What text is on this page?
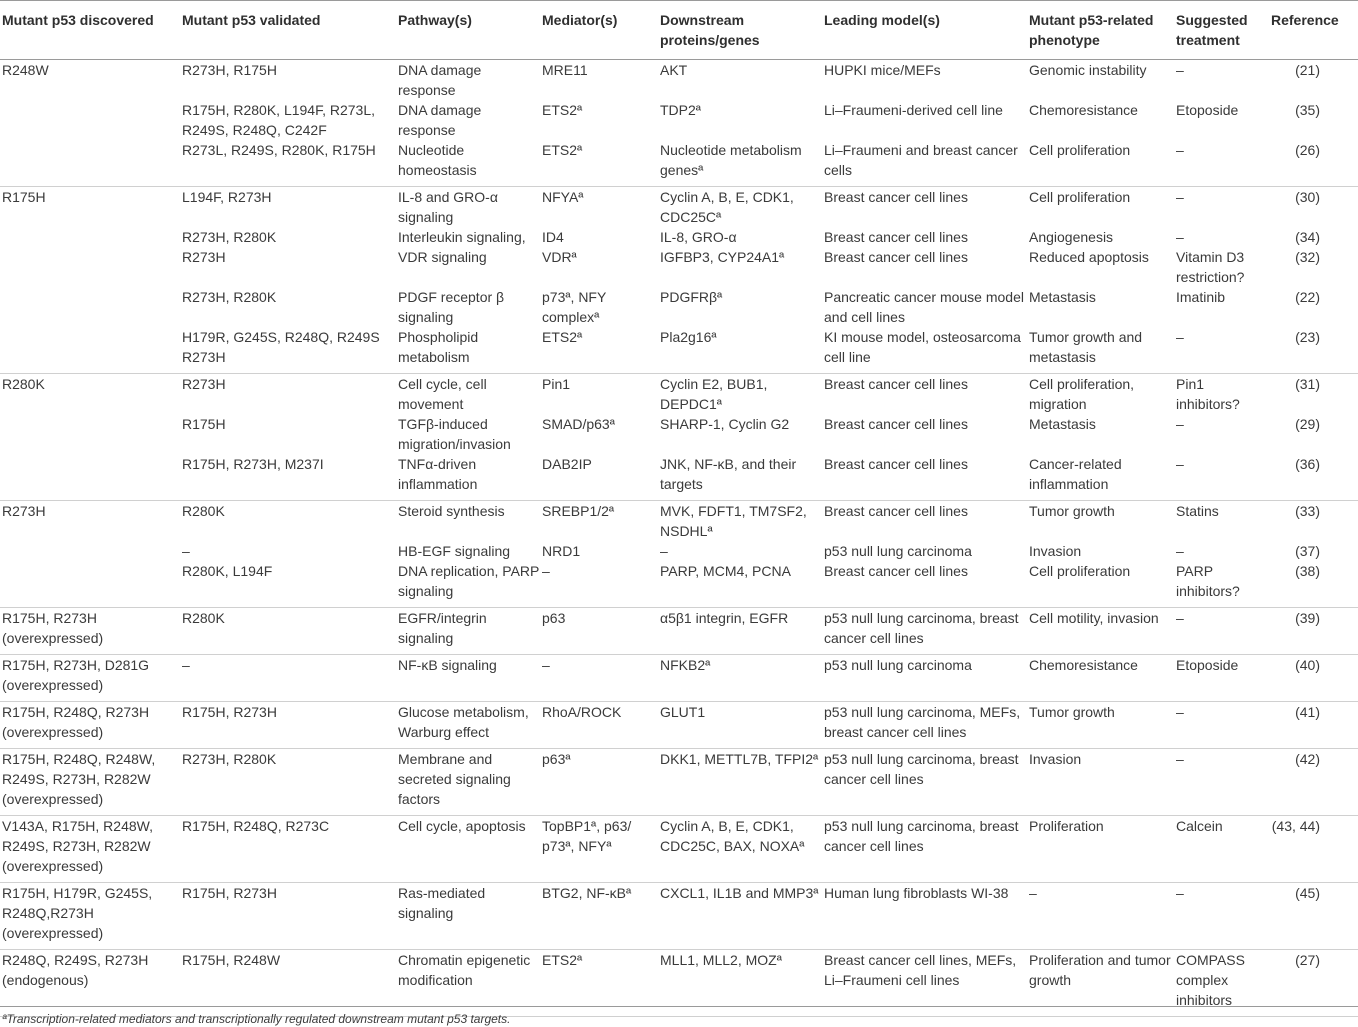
Mutant p53 discovered	Mutant p53 validated	Pathway(s)	Mediator(s)	Downstream proteins/genes	Leading model(s)	Mutant p53-related phenotype	Suggested treatment	Reference
R248W	R273H, R175H	DNA damage response	MRE11	AKT	HUPKI mice/MEFs	Genomic instability	–	(21)
	R175H, R280K, L194F, R273L, R249S, R248Q, C242F	DNA damage response	ETS2ª	TDP2ª	Li–Fraumeni-derived cell line	Chemoresistance	Etoposide	(35)
	R273L, R249S, R280K, R175H	Nucleotide homeostasis	ETS2ª	Nucleotide metabolism genesª	Li–Fraumeni and breast cancer cells	Cell proliferation	–	(26)
R175H	L194F, R273H	IL-8 and GRO-α signaling	NFYAª	Cyclin A, B, E, CDK1, CDC25Cª	Breast cancer cell lines	Cell proliferation	–	(30)
	R273H, R280K	Interleukin signaling,	ID4	IL-8, GRO-α	Breast cancer cell lines	Angiogenesis	–	(34)
	R273H	VDR signaling	VDRª	IGFBP3, CYP24A1ª	Breast cancer cell lines	Reduced apoptosis	Vitamin D3 restriction?	(32)
	R273H, R280K	PDGF receptor β signaling	p73ª, NFY complexª	PDGFRβª	Pancreatic cancer mouse model and cell lines	Metastasis	Imatinib	(22)
	H179R, G245S, R248Q, R249S R273H	Phospholipid metabolism	ETS2ª	Pla2g16ª	KI mouse model, osteosarcoma cell line	Tumor growth and metastasis	–	(23)
R280K	R273H	Cell cycle, cell movement	Pin1	Cyclin E2, BUB1, DEPDC1ª	Breast cancer cell lines	Cell proliferation, migration	Pin1 inhibitors?	(31)
	R175H	TGFβ-induced migration/invasion	SMAD/p63ª	SHARP-1, Cyclin G2	Breast cancer cell lines	Metastasis	–	(29)
	R175H, R273H, M237I	TNFα-driven inflammation	DAB2IP	JNK, NF-κB, and their targets	Breast cancer cell lines	Cancer-related inflammation	–	(36)
R273H	R280K	Steroid synthesis	SREBP1/2ª	MVK, FDFT1, TM7SF2, NSDHLª	Breast cancer cell lines	Tumor growth	Statins	(33)
	–	HB-EGF signaling	NRD1	–	p53 null lung carcinoma	Invasion	–	(37)
	R280K, L194F	DNA replication, PARP signaling	–	PARP, MCM4, PCNA	Breast cancer cell lines	Cell proliferation	PARP inhibitors?	(38)
R175H, R273H (overexpressed)	R280K	EGFR/integrin signaling	p63	α5β1 integrin, EGFR	p53 null lung carcinoma, breast cancer cell lines	Cell motility, invasion	–	(39)
R175H, R273H, D281G (overexpressed)	–	NF-κB signaling	–	NFKB2ª	p53 null lung carcinoma	Chemoresistance	Etoposide	(40)
R175H, R248Q, R273H (overexpressed)	R175H, R273H	Glucose metabolism, Warburg effect	RhoA/ROCK	GLUT1	p53 null lung carcinoma, MEFs, breast cancer cell lines	Tumor growth	–	(41)
R175H, R248Q, R248W, R249S, R273H, R282W (overexpressed)	R273H, R280K	Membrane and secreted signaling factors	p63ª	DKK1, METTL7B, TFPI2ª	p53 null lung carcinoma, breast cancer cell lines	Invasion	–	(42)
V143A, R175H, R248W, R249S, R273H, R282W (overexpressed)	R175H, R248Q, R273C	Cell cycle, apoptosis	TopBP1ª, p63/ p73ª, NFYª	Cyclin A, B, E, CDK1, CDC25C, BAX, NOXAª	p53 null lung carcinoma, breast cancer cell lines	Proliferation	Calcein	(43, 44)
R175H, H179R, G245S, R248Q,R273H (overexpressed)	R175H, R273H	Ras-mediated signaling	BTG2, NF-κBª	CXCL1, IL1B and MMP3ª	Human lung fibroblasts WI-38	–	–	(45)
R248Q, R249S, R273H (endogenous)	R175H, R248W	Chromatin epigenetic modification	ETS2ª	MLL1, MLL2, MOZª	Breast cancer cell lines, MEFs, Li–Fraumeni cell lines	Proliferation and tumor growth	COMPASS complex inhibitors	(27)
ªTranscription-related mediators and transcriptionally regulated downstream mutant p53 targets.
